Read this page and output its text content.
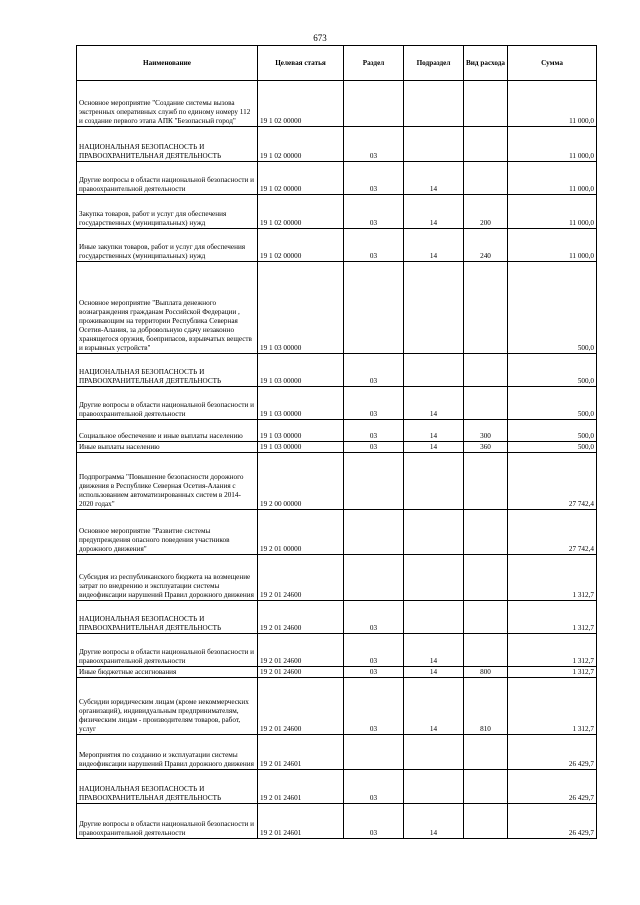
673
Наименование	Целевая статья	Раздел	Подраздел	Вид расхода	Сумма
Основное мероприятие "Создание системы вызова экстренных оперативных служб по единому номеру 112 и создание первого этапа АПК "Безопасный город"	19 1 02 00000				11 000,0
НАЦИОНАЛЬНАЯ БЕЗОПАСНОСТЬ И ПРАВООХРАНИТЕЛЬНАЯ ДЕЯТЕЛЬНОСТЬ	19 1 02 00000	03			11 000,0
Другие вопросы в области национальной безопасности и правоохранительной деятельности	19 1 02 00000	03	14		11 000,0
Закупка товаров, работ и услуг для обеспечения государственных (муниципальных) нужд	19 1 02 00000	03	14	200	11 000,0
Иные закупки товаров, работ и услуг для обеспечения государственных (муниципальных) нужд	19 1 02 00000	03	14	240	11 000,0
Основное мероприятие "Выплата денежного вознаграждения гражданам Российской Федерации , проживающим на территории Республика Северная Осетия-Алания, за добровольную сдачу незаконно хранящегося оружия, боеприпасов, взрывчатых веществ и взрывных устройств"	19 1 03 00000				500,0
НАЦИОНАЛЬНАЯ БЕЗОПАСНОСТЬ И ПРАВООХРАНИТЕЛЬНАЯ ДЕЯТЕЛЬНОСТЬ	19 1 03 00000	03			500,0
Другие вопросы в области национальной безопасности и правоохранительной деятельности	19 1 03 00000	03	14		500,0
Социальное обеспечение и иные выплаты населению	19 1 03 00000	03	14	300	500,0
Иные выплаты населению	19 1 03 00000	03	14	360	500,0
Подпрограмма "Повышение безопасности дорожного движения в Республике Северная Осетия-Алания с использованием автоматизированных систем в 2014-2020 годах"	19 2 00 00000				27 742,4
Основное мероприятие "Развитие системы предупреждения опасного поведения участников дорожного движения"	19 2 01 00000				27 742,4
Субсидия из республиканского бюджета на возмещение затрат по внедрению и эксплуатации системы видеофиксации нарушений Правил дорожного движения	19 2 01 24600				1 312,7
НАЦИОНАЛЬНАЯ БЕЗОПАСНОСТЬ И ПРАВООХРАНИТЕЛЬНАЯ ДЕЯТЕЛЬНОСТЬ	19 2 01 24600	03			1 312,7
Другие вопросы в области национальной безопасности и правоохранительной деятельности	19 2 01 24600	03	14		1 312,7
Иные бюджетные ассигнования	19 2 01 24600	03	14	800	1 312,7
Субсидии юридическим лицам (кроме некоммерческих организаций), индивидуальным предпринимателям, физическим лицам - производителям товаров, работ, услуг	19 2 01 24600	03	14	810	1 312,7
Мероприятия по созданию и эксплуатации системы видеофиксации нарушений Правил дорожного движения	19 2 01 24601				26 429,7
НАЦИОНАЛЬНАЯ БЕЗОПАСНОСТЬ И ПРАВООХРАНИТЕЛЬНАЯ ДЕЯТЕЛЬНОСТЬ	19 2 01 24601	03			26 429,7
Другие вопросы в области национальной безопасности и правоохранительной деятельности	19 2 01 24601	03	14		26 429,7
